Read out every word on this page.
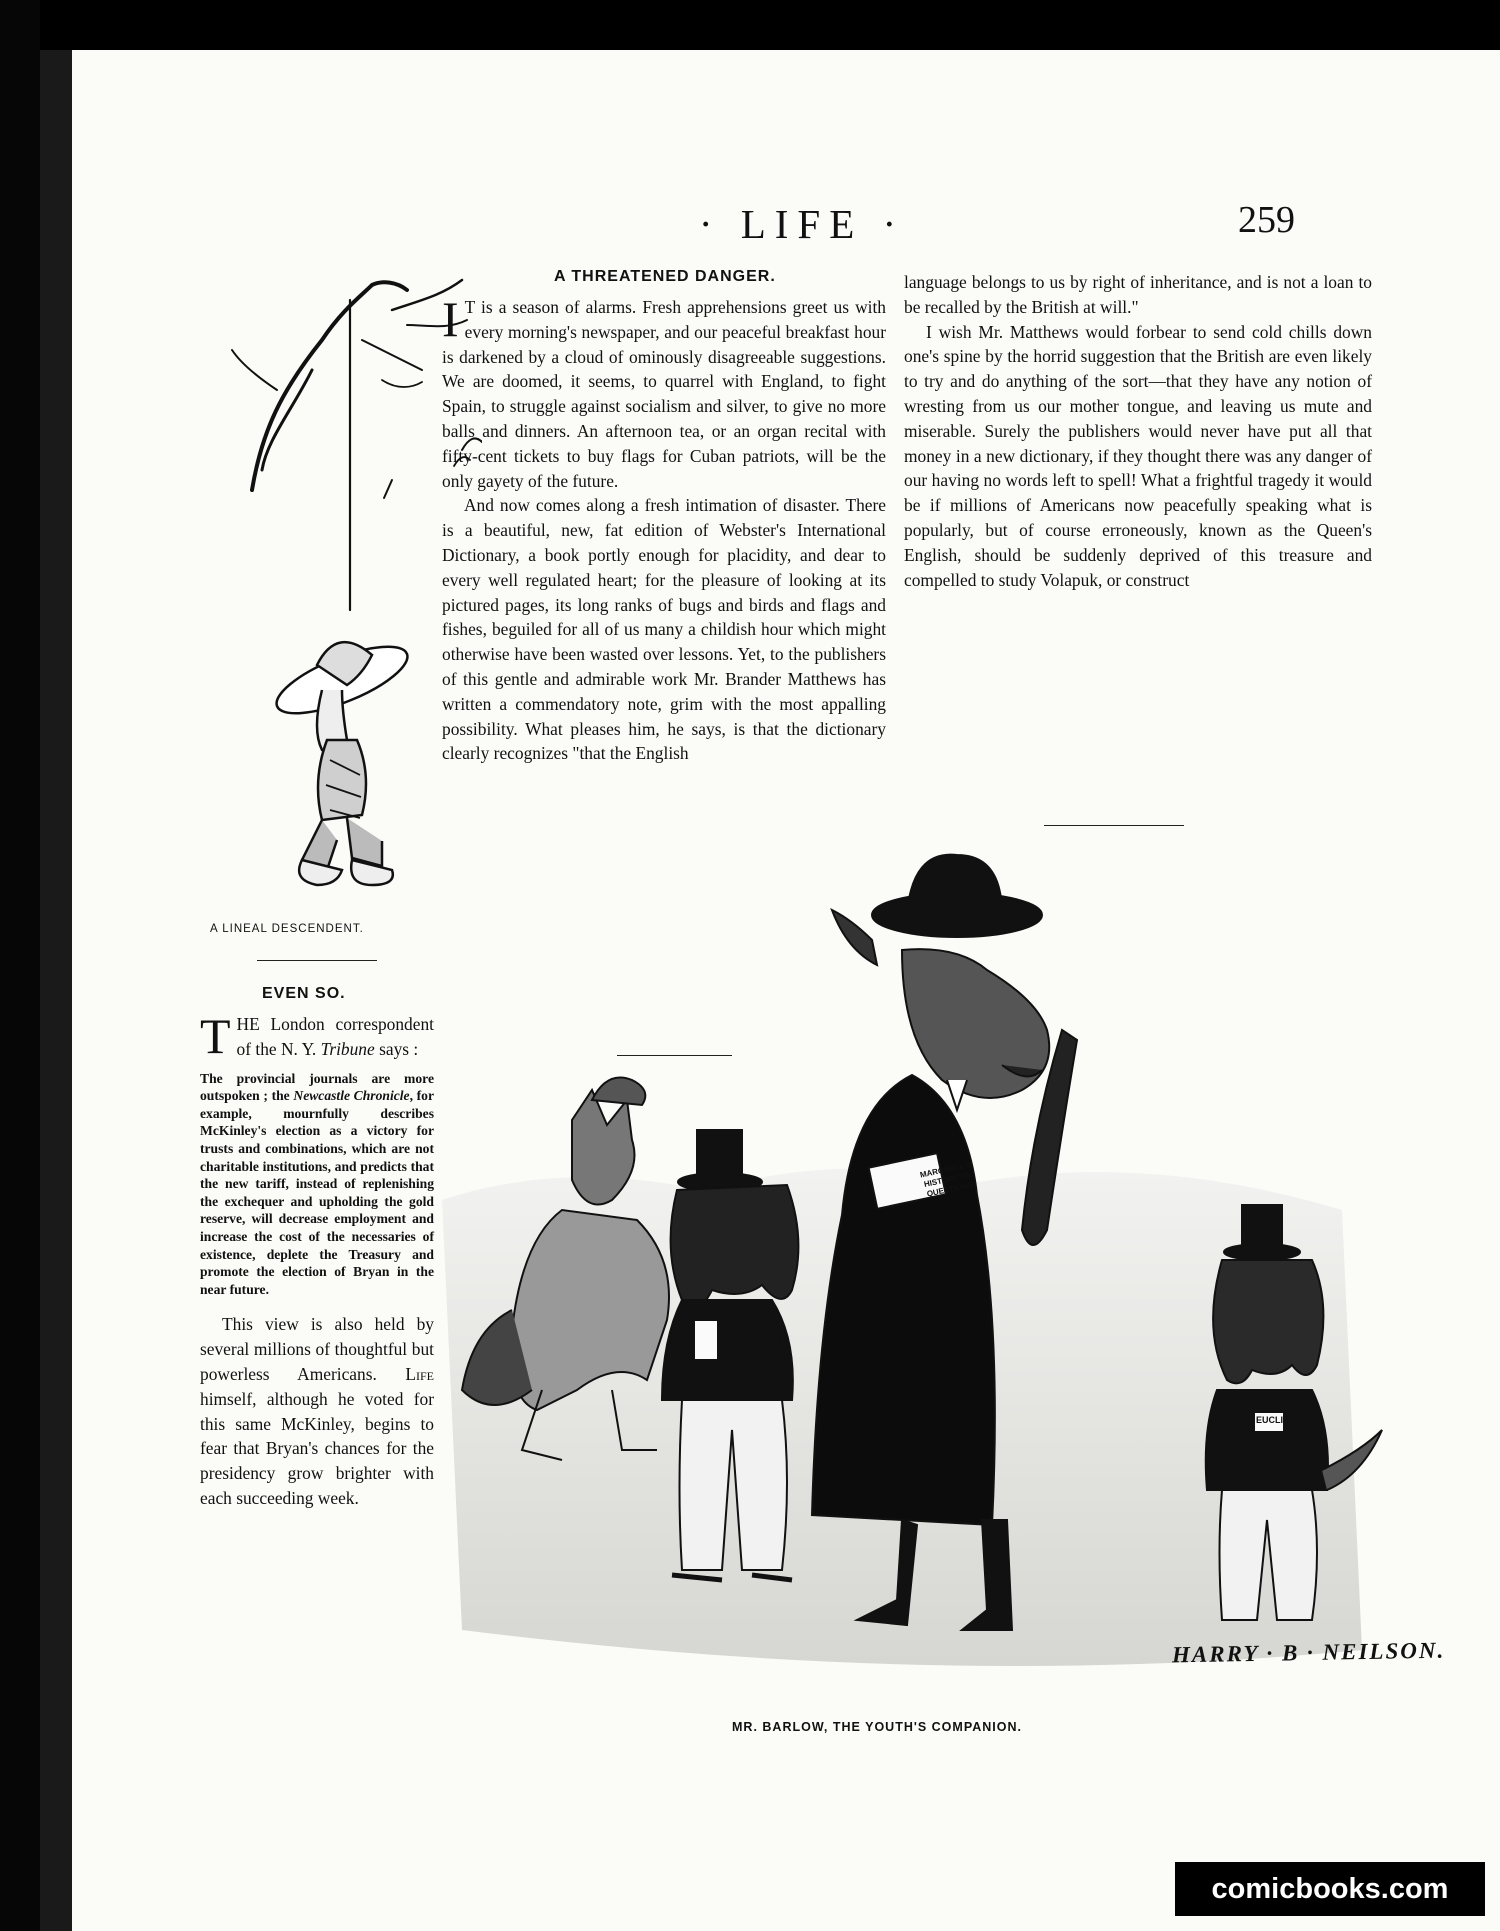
· LIFE ·	259
A LINEAL DESCENDENT.
EVEN SO.

THE London correspondent of the N. Y. Tribune says :

The provincial journals are more outspoken ; the Newcastle Chronicle, for example, mournfully describes McKinley's election as a victory for trusts and combinations, which are not charitable institutions, and predicts that the new tariff, instead of replenishing the exchequer and upholding the gold reserve, will decrease employment and increase the cost of the necessaries of existence, deplete the Treasury and promote the election of Bryan in the near future.

This view is also held by several millions of thoughtful but powerless Americans. Life himself, although he voted for this same McKinley, begins to fear that Bryan's chances for the presidency grow brighter with each succeeding week.

A THREATENED DANGER.

I T is a season of alarms. Fresh apprehensions greet us with every morning's newspaper, and our peaceful breakfast hour is darkened by a cloud of ominously disagreeable suggestions. We are doomed, it seems, to quarrel with England, to fight Spain, to struggle against socialism and silver, to give no more balls and dinners. An afternoon tea, or an organ recital with fifty-cent tickets to buy flags for Cuban patriots, will be the only gayety of the future.

And now comes along a fresh intimation of disaster. There is a beautiful, new, fat edition of Webster's International Dictionary, a book portly enough for placidity, and dear to every well regulated heart; for the pleasure of looking at its pictured pages, its long ranks of bugs and birds and flags and fishes, beguiled for all of us many a childish hour which might otherwise have been wasted over lessons. Yet, to the publishers of this gentle and admirable work Mr. Brander Matthews has written a commendatory note, grim with the most appalling possibility. What pleases him, he says, is that the dictionary clearly recognizes "that the English

language belongs to us by right of inheritance, and is not a loan to be recalled by the British at will."

I wish Mr. Matthews would forbear to send cold chills down one's spine by the horrid suggestion that the British are even likely to try and do anything of the sort—that they have any notion of wresting from us our mother tongue, and leaving us mute and miserable. Surely the publishers would never have put all that money in a new dictionary, if they thought there was any danger of our having no words left to spell! What a frightful tragedy it would be if millions of Americans now peacefully speaking what is popularly, but of course erroneously, known as the Queen's English, should be suddenly deprived of this treasure and compelled to study Volapuk, or construct

MARCHALL'S HISTORICAL QUESTIONS
LATIN
EUCLID
HARRY · B · NEILSON.
MR. BARLOW, THE YOUTH'S COMPANION.
comicbooks.com
